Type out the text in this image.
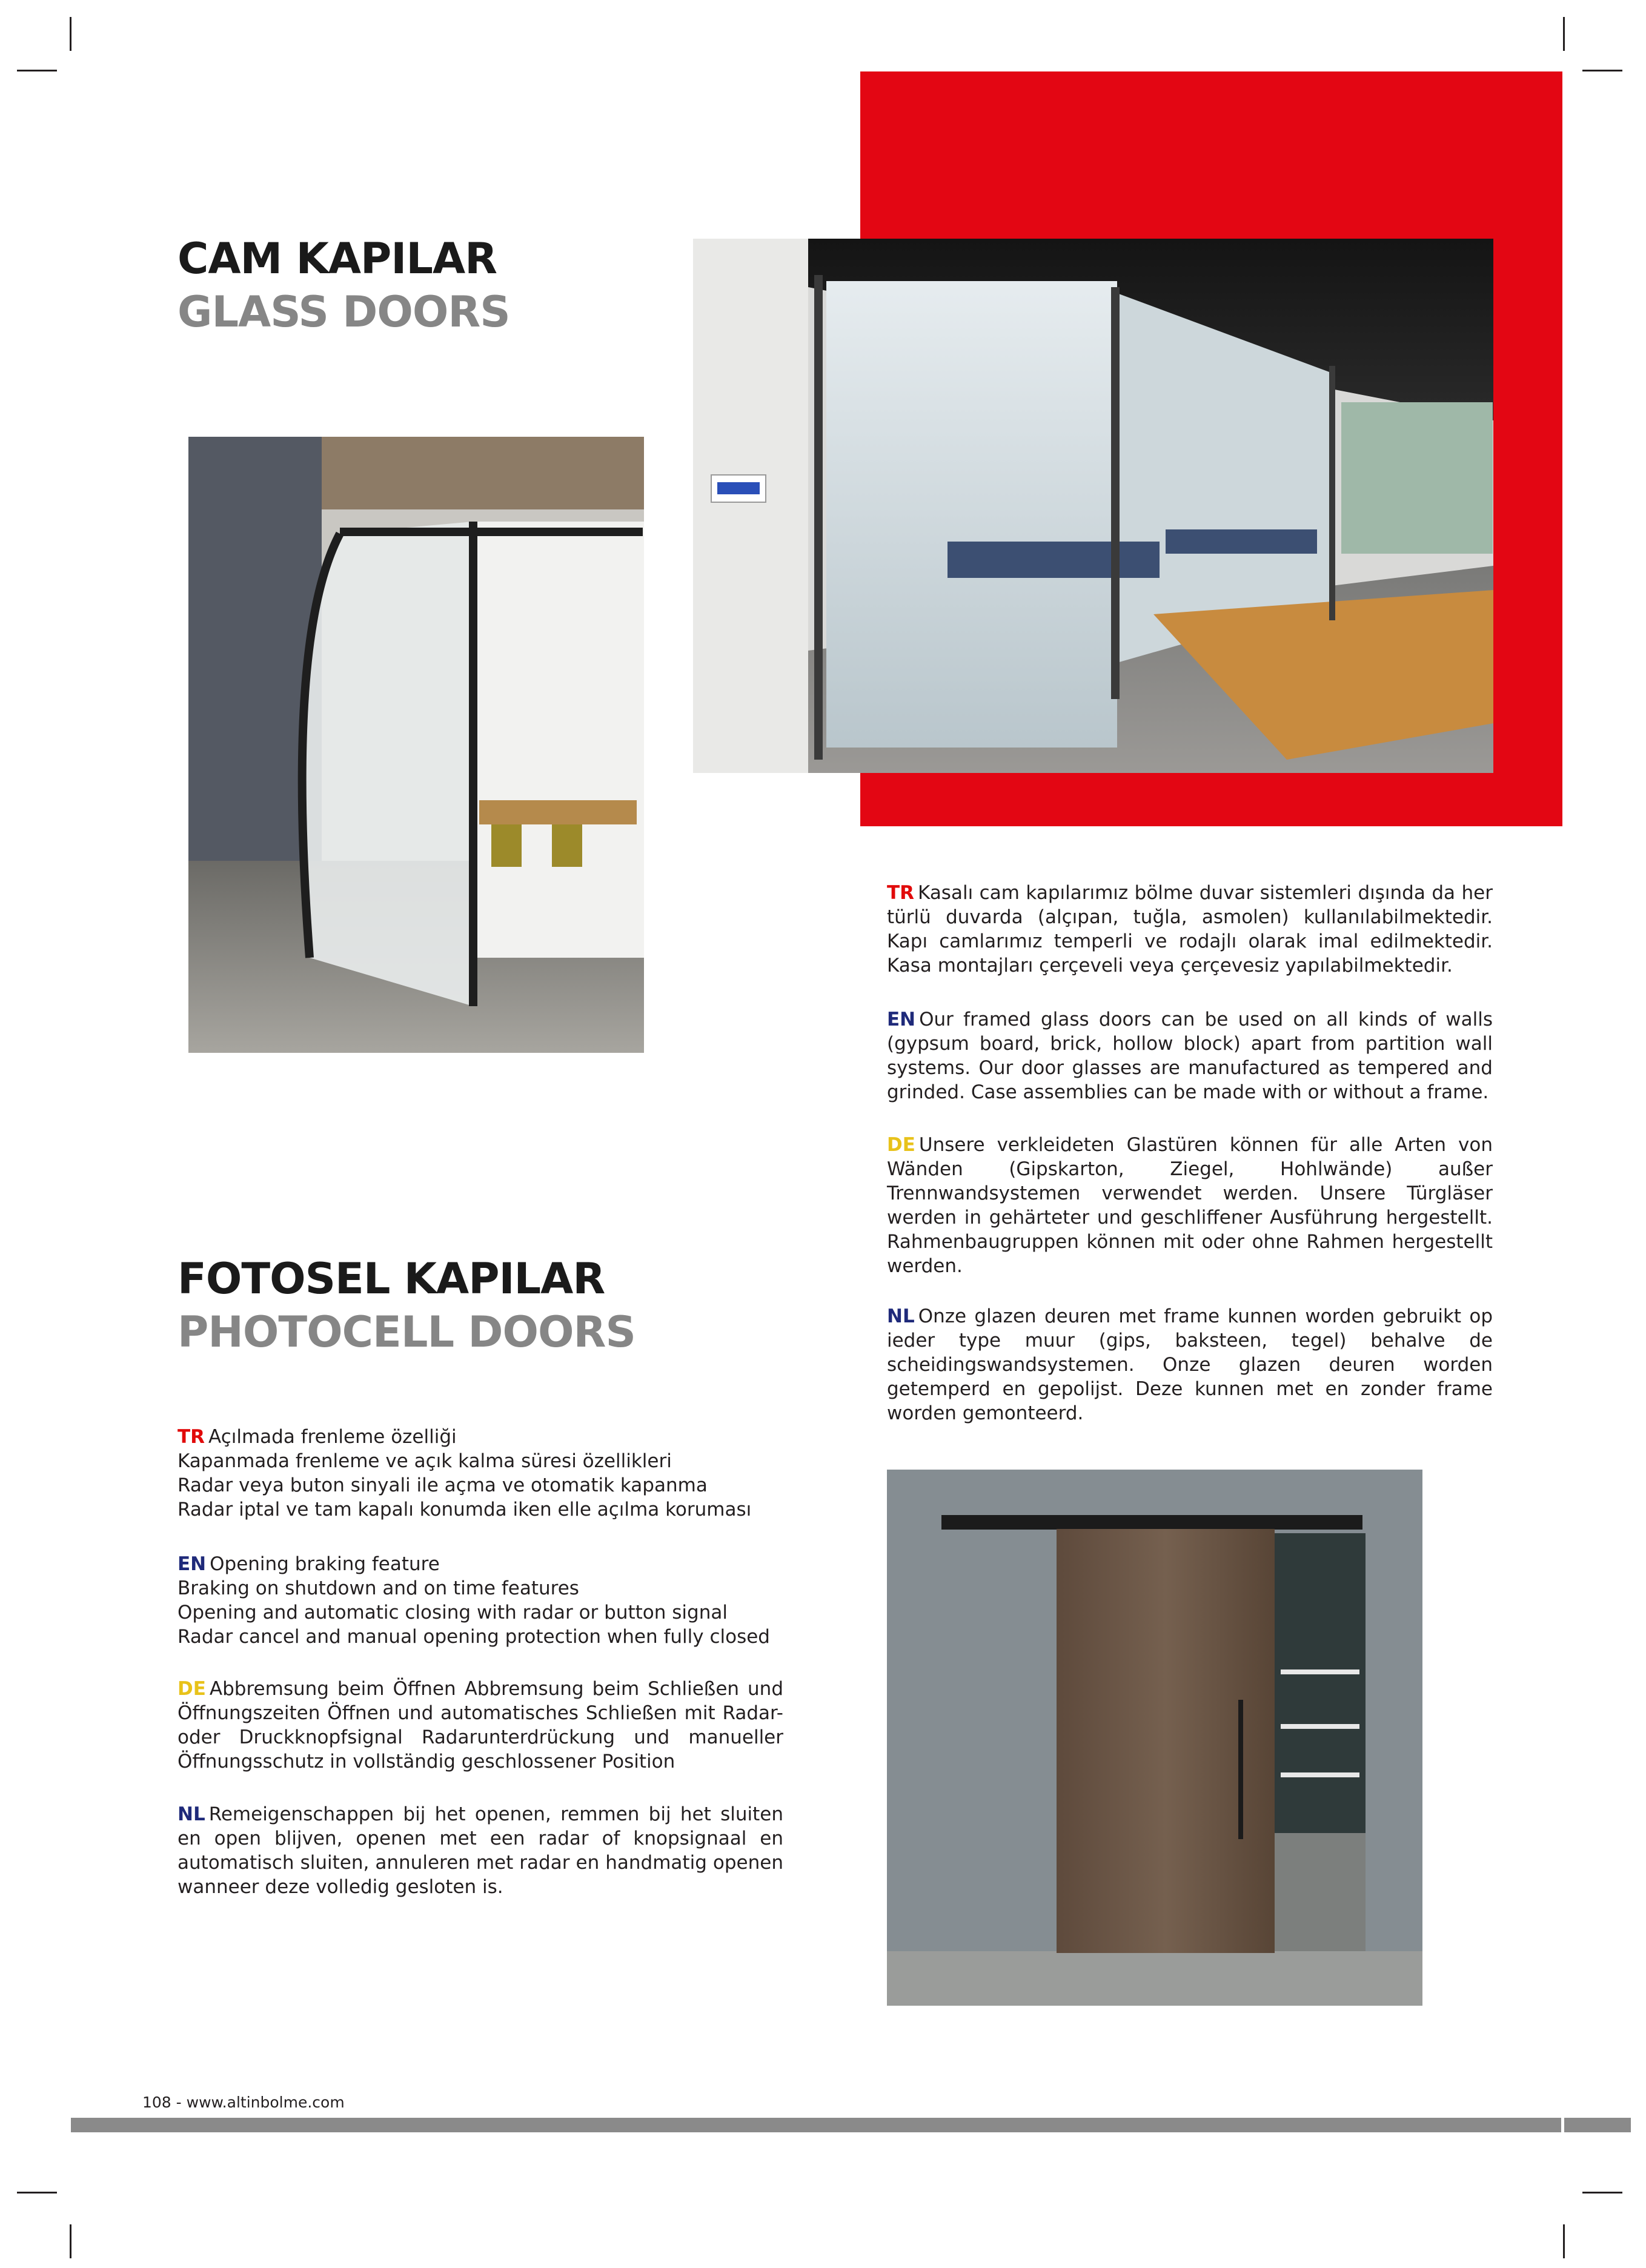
CAM KAPILAR
GLASS DOORS
TR Kasalı cam kapılarımız bölme duvar sistemleri dışında da her türlü duvarda (alçıpan, tuğla, asmolen) kullanılabilmektedir. Kapı camlarımız temperli ve rodajlı olarak imal edilmektedir. Kasa montajları çerçeveli veya çerçevesiz yapılabilmektedir.
EN Our framed glass doors can be used on all kinds of walls (gypsum board, brick, hollow block) apart from partition wall systems. Our door glasses are manufactured as tempered and grinded. Case assemblies can be made with or without a frame.
DE Unsere verkleideten Glastüren können für alle Arten von Wänden (Gipskarton, Ziegel, Hohlwände) außer Trennwandsystemen verwendet werden. Unsere Türgläser werden in gehärteter und geschliffener Ausführung hergestellt. Rahmenbaugruppen können mit oder ohne Rahmen hergestellt werden.
NL Onze glazen deuren met frame kunnen worden gebruikt op ieder type muur (gips, baksteen, tegel) behalve de scheidingswandsystemen. Onze glazen deuren worden getemperd en gepolijst. Deze kunnen met en zonder frame worden gemonteerd.
FOTOSEL KAPILAR
PHOTOCELL DOORS
TR Açılmada frenleme özelliği
Kapanmada frenleme ve açık kalma süresi özellikleri
Radar veya buton sinyali ile açma ve otomatik kapanma
Radar iptal ve tam kapalı konumda iken elle açılma koruması
EN Opening braking feature
Braking on shutdown and on time features
Opening and automatic closing with radar or button signal
Radar cancel and manual opening protection when fully closed
DE Abbremsung beim Öffnen Abbremsung beim Schließen und Öffnungszeiten Öffnen und automatisches Schließen mit Radar- oder Druckknopfsignal Radarunterdrückung und manueller Öffnungsschutz in vollständig geschlossener Position
NL Remeigenschappen bij het openen, remmen bij het sluiten en open blijven, openen met een radar of knopsignaal en automatisch sluiten, annuleren met radar en handmatig openen wanneer deze volledig gesloten is.
108 - www.altinbolme.com
